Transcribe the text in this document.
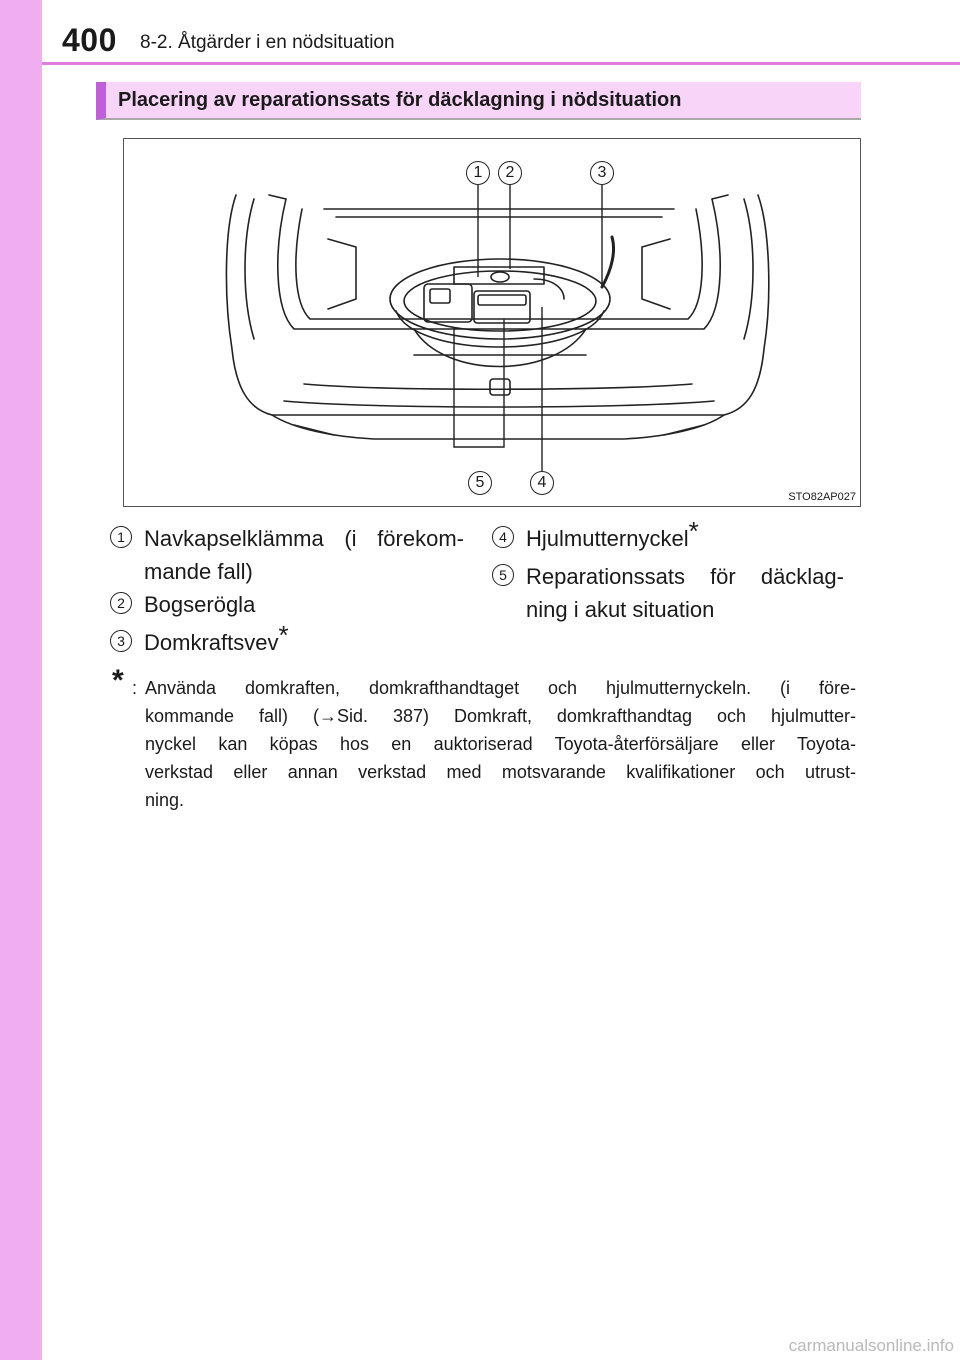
400 8-2. Åtgärder i en nödsituation
Placering av reparationssats för däcklagning i nödsituation
1	2	3
5	4
STO82AP027
1 Navkapselklämma (i förekom-
mande fall)
2 Bogserögla
3 Domkraftsvev*
4 Hjulmutternyckel*
5 Reparationssats för däcklag-
ning i akut situation
* : Använda domkraften, domkrafthandtaget och hjulmutternyckeln. (i före-
kommande fall) (→Sid. 387) Domkraft, domkrafthandtag och hjulmutter-
nyckel kan köpas hos en auktoriserad Toyota-återförsäljare eller Toyota-
verkstad eller annan verkstad med motsvarande kvalifikationer och utrust-
ning.
carmanualsonline.info
